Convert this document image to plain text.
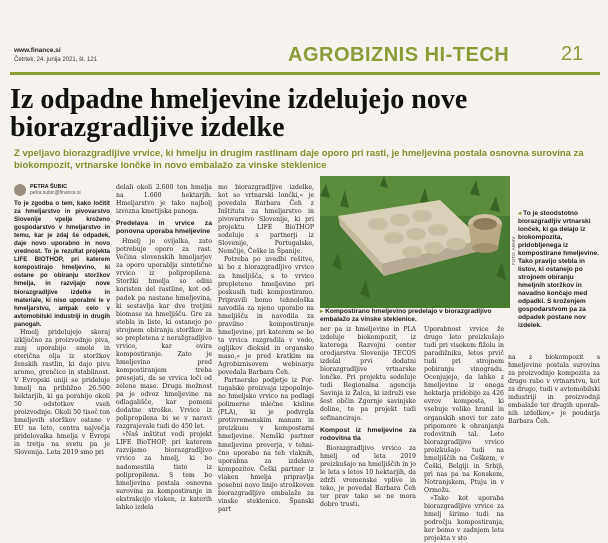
www.finance.si
Četrtek, 24. junija 2021, št. 121	AGROBIZNIS HI-TECH	21
Iz odpadne hmeljevine izdelujejo nove biorazgradljive izdelke

Z vpeljavo biorazgradljive vrvice, ki hmelju in drugim rastlinam daje oporo pri rasti, je hmeljevina postala osnovna surovina za biokompozit, vrtnarske lončke in novo embalažo za vinske steklenice

PETRA ŠUBIC
petra.subic@finance.si

To je zgodba o tem, kako ločitit za hmeljarstvo in pivovarstvo Slovenije vpelje kroženo gospodarstvo v hmeljarstvo in temu, kar je zdaj še odpadek, daje novo uporabno in novo vrednost. To je rezultat projekta LIFE BIOTHOP, pri katerem kompostirajo hmeljevino, ki ostane po obiranju storžkov hmelja, in razvijajo nove biorazgradljive izdelke in materiale, ki niso uporabni le v hmeljarstvu, ampak celo v avtomobilski industriji in drugih panogah.

Hmelj pridelujejo skoraj izključno za proizvodnjo piva, zanj uporabijo smole in eterična olja iz storžkov ženskih rastlin, ki dajo pivu aromo, grenčico in stabilnost. V Evropski uniji se prideluje hmelj na približno 26.500 hektarjih, ki ga porabijo okoli 50 odstotkov vseh proizvodnje. Okoli 50 tisoč ton hmeljevih storžkov ostane v EU na leto, centra največja pridelovalka hmelja v Evropi in tretja na svetu pa je Slovenija. Leta 2019 smo pri

delali okoli 2.600 ton hmelja na 1.600 hektarjih. Hmeljarstvo je tako najbolj izvozna kmetijska panoga.

Predelava in vrvice za ponovna uporaba hmeljevine

Hmelj je ovijalka, zato potrebuje oporo za rast. Večina slovenskih hmeljarjev za oporo uporablja sintetično vrvico iz polipropilena. Storžki hmelja so edini koristen del rastline, kot odpadek pa nastane hmeljevina, ki sestavlja kar dve tretjini biomase na hmeljišču. Gre za stebla in liste, ki ostanejo po strojnem obiranju storžkov in so prepletena z neražgradljivo vrvico, kar ovira kompostiranje. Zato je hmeljevino pred kompostiranjem treba presejati, da se vrvica loči od zelene mase. Druga možnost pa je odvoz hmeljevine na odlagališče, kar pomeni dodatne stroške. Vrvice iz polipropilena bi se v naravi razgrajevale tudi do 450 let.

»Naš inštitut vodi projekt LIFE BioTHOP, pri katerem razvijamo biorazgradljivo vrvico za hmelj, ki bo nadomestila tisto iz polipropilena. S tem bo hmeljevina postala osnovna surovina za kompostiranje in ekstrakcijo vlaken, iz katerih lahko izdela

mo biorazgradljive izdelke, kot so vrtnarski lončki,« je povedala Barbara Čeh z Inštituta za hmeljarstvo in pivovarstvo Slovenije, ki pri projektu LIFE BioTHOP sodeluje s partnerji iz Slovenije, Portugalske, Nemčije, Češke in Španije.

Potreba po uvedbi rešitve, ki bo z biorazgradljivo vrvico za hmeljišča, s to vrvico prepleteno hmeljevino pri poskusih tudi kompostiramo. Pripravili bomo tehnološka navodila za njeno uporabo na hmeljišču in navodila za pravilno kompostiranje hmeljevine, pri katerem se bo ta vrvica razgradila v vodo, ogljikov dioksid in organsko maso,« je pred kratkim na Agrobiznisovem webinarju povedala Barbara Čeh.

Partnersko podjetje iz Portugalske proizvaja izpopolnjeno hmeljsko vrvico na podlagi polimerne mlečne kisline (PLA), ki je podvrgla protivremenskim manam in preizkusu v kompostarni hmeljevine. Nemški partner hmeljevino preverja, v tehnično uporabo na teh vlaknih, uporabna za izdelavo kompozitov. Češki partner iz vlaken hmelja pripravlja posebni novo linijo stroškoven biorazgradljive embalaže za vinske steklenice. Španski part

FOTO: ARHIV

▸ Kompostirano hmeljevino predelajo v biorazgradljivo embalažo za vinske steklenice.

◂ To je stoodstotno biorazgradljiv vrtnarski lonček, ki ga delajo iz biokompozita, pridobljenega iz kompostirane hmeljevine. Tako pravijo stebla in listov, ki ostanejo po strojnem obiranju hmeljnih storžkov in navadno končajo med odpadki. S kroženjem gospodarstvom pa za odpadek postane nov izdelek.

ner pa iz hmeljevine in PLA izdeluje biokompozit, iz katerega Razvojni center orodjarstva Slovenije TECOS izdelal prvi dodatni biorazgradljive vrtnarske lončke. Pri projektu sodeluje tudi Regionalna agencija Savinja iz Žalca, ki izdruži vse šest občin Zgornje savinjske doline, te pa projekt tudi sofinancirajo.

Kompost iz hmeljevine za rodovitna tla

Biorazgradljivo vrvico za hmelj od leta 2019 preizkušajo na hmeljiščih in jo le leta s letos 10 hektarjih, da zdrži vremenske vplive in teko, je povedal Barbara Čeh ter prav tako se ne mora dobro trusti.

Uporabnost vrvice že drugo leto preizkušajo tudi pri visokem fižolu in paradižniku, letos prvič tudi pri strojnem pobiranju vinogradu. Ocenjujejo, da lahko z hmeljevine iz enega hektarja pridobijo za 426 evrov komposta, ki vsebuje veliko hranil in organskih snovi ter zato pripomore k ohranjanju rodovitnih tal. Leto biorazgradljivo vrvico preizkušajo tudi na hmeljiščih na Češkem, v Češki, Belgiji in Srbiji, pri nas pa na Konskem, Notranjskem, Ptuju in v Ormožu.

»Tako kot uporaba biorazgradljive vrvice za hmelj širimo tudi na področju kompostiranja, ker bomo v zadnjem letu projekta v sto

na z biokompozit s hmeljevine postala surovina za proizvodnjo kompozita za drugo rabo v vrtnarstvu, kot za drugo, tudi v avtomobilski industriji in proizvodnji embalaže ter drugih uporabnih izdelkov,« je poudarja Barbara Čeh.
